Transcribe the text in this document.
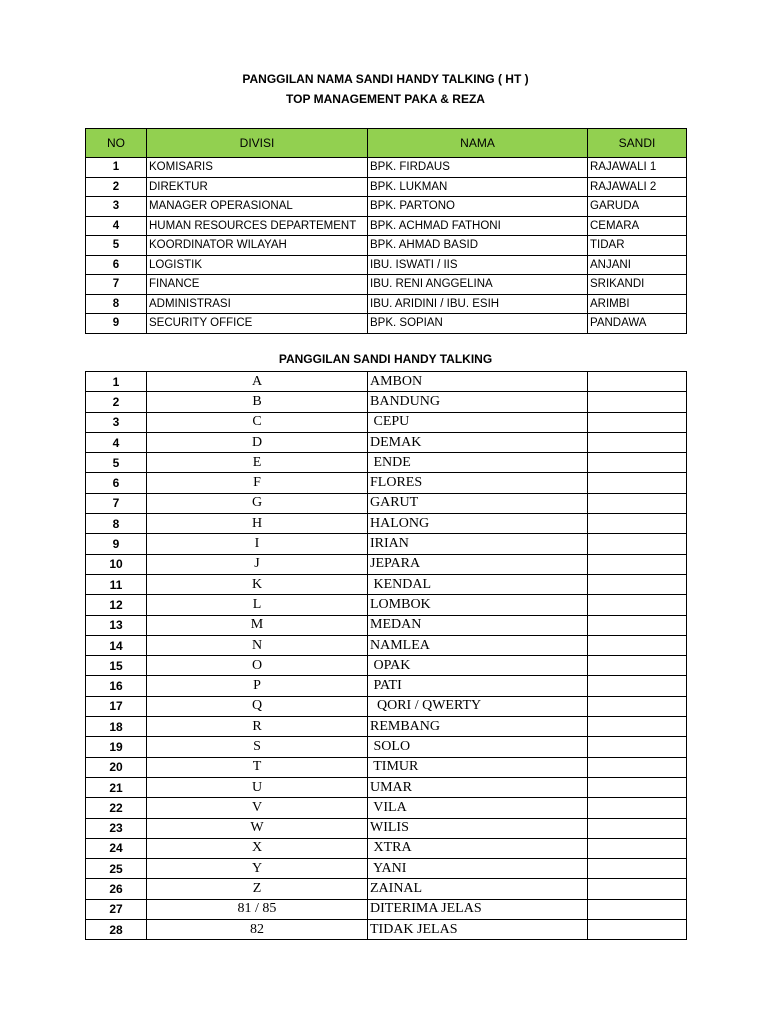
PANGGILAN NAMA SANDI HANDY TALKING ( HT )
TOP MANAGEMENT PAKA & REZA
NO	DIVISI	NAMA	SANDI
1	KOMISARIS	BPK. FIRDAUS	RAJAWALI 1
2	DIREKTUR	BPK. LUKMAN	RAJAWALI 2
3	MANAGER OPERASIONAL	BPK. PARTONO	GARUDA
4	HUMAN RESOURCES DEPARTEMENT	BPK. ACHMAD FATHONI	CEMARA
5	KOORDINATOR WILAYAH	BPK. AHMAD BASID	TIDAR
6	LOGISTIK	IBU. ISWATI / IIS	ANJANI
7	FINANCE	IBU. RENI ANGGELINA	SRIKANDI
8	ADMINISTRASI	IBU. ARIDINI / IBU. ESIH	ARIMBI
9	SECURITY OFFICE	BPK. SOPIAN	PANDAWA
PANGGILAN SANDI HANDY TALKING
1	A	AMBON	
2	B	BANDUNG	
3	C	CEPU	
4	D	DEMAK	
5	E	ENDE	
6	F	FLORES	
7	G	GARUT	
8	H	HALONG	
9	I	IRIAN	
10	J	JEPARA	
11	K	KENDAL	
12	L	LOMBOK	
13	M	MEDAN	
14	N	NAMLEA	
15	O	OPAK	
16	P	PATI	
17	Q	QORI / QWERTY	
18	R	REMBANG	
19	S	SOLO	
20	T	TIMUR	
21	U	UMAR	
22	V	VILA	
23	W	WILIS	
24	X	XTRA	
25	Y	YANI	
26	Z	ZAINAL	
27	81 / 85	DITERIMA JELAS	
28	82	TIDAK JELAS	
